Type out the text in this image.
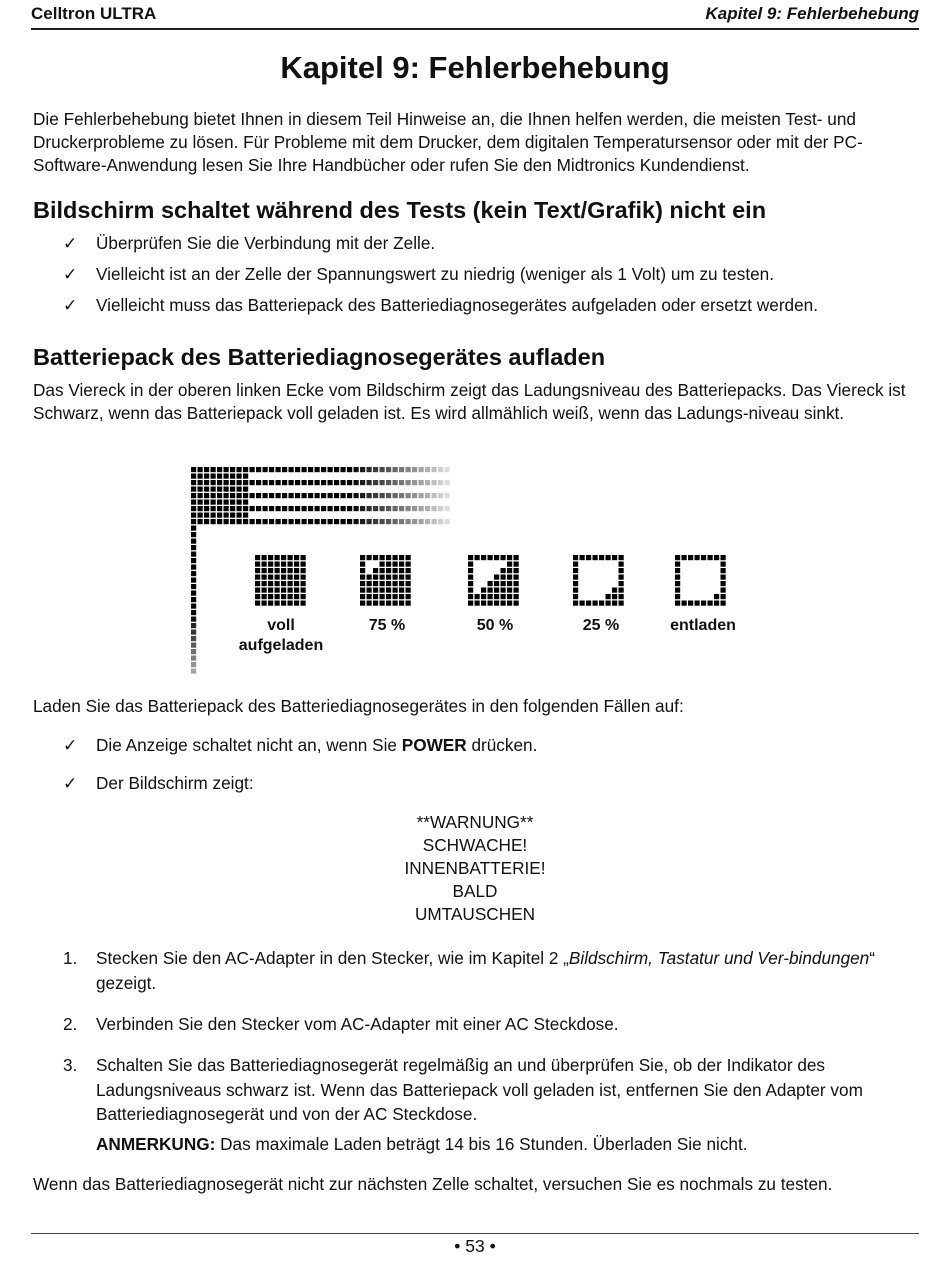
Celltron ULTRA	Kapitel 9: Fehlerbehebung
Kapitel 9: Fehlerbehebung

Die Fehlerbehebung bietet Ihnen in diesem Teil Hinweise an, die Ihnen helfen werden, die meisten Test- und Druckerprobleme zu lösen. Für Probleme mit dem Drucker, dem digitalen Temperatursensor oder mit der PC-Software-Anwendung lesen Sie Ihre Handbücher oder rufen Sie den Midtronics Kundendienst.

Bildschirm schaltet während des Tests (kein Text/Grafik) nicht ein
✓	Überprüfen Sie die Verbindung mit der Zelle.
✓	Vielleicht ist an der Zelle der Spannungswert zu niedrig (weniger als 1 Volt) um zu testen.
✓	Vielleicht muss das Batteriepack des Batteriediagnosegerätes aufgeladen oder ersetzt werden.
Batteriepack des Batteriediagnosegerätes aufladen

Das Viereck in der oberen linken Ecke vom Bildschirm zeigt das Ladungsniveau des Batteriepacks. Das Viereck ist Schwarz, wenn das Batteriepack voll geladen ist. Es wird allmählich weiß, wenn das Ladungs-niveau sinkt.

voll
aufgeladen
75 %	50 %	25 %	entladen

Laden Sie das Batteriepack des Batteriediagnosegerätes in den folgenden Fällen auf:

✓	Die Anzeige schaltet nicht an, wenn Sie POWER drücken.
✓	Der Bildschirm zeigt:
**WARNUNG**
SCHWACHE!
INNENBATTERIE!
BALD
UMTAUSCHEN
1.	Stecken Sie den AC-Adapter in den Stecker, wie im Kapitel 2 „Bildschirm, Tastatur und Ver-bindungen“ gezeigt.
2.	Verbinden Sie den Stecker vom AC-Adapter mit einer AC Steckdose.
3.	Schalten Sie das Batteriediagnosegerät regelmäßig an und überprüfen Sie, ob der Indikator des Ladungsniveaus schwarz ist. Wenn das Batteriepack voll geladen ist, entfernen Sie den Adapter vom Batteriediagnosegerät und von der AC Steckdose.

ANMERKUNG: Das maximale Laden beträgt 14 bis 16 Stunden. Überladen Sie nicht.

Wenn das Batteriediagnosegerät nicht zur nächsten Zelle schaltet, versuchen Sie es nochmals zu testen.

• 53 •
